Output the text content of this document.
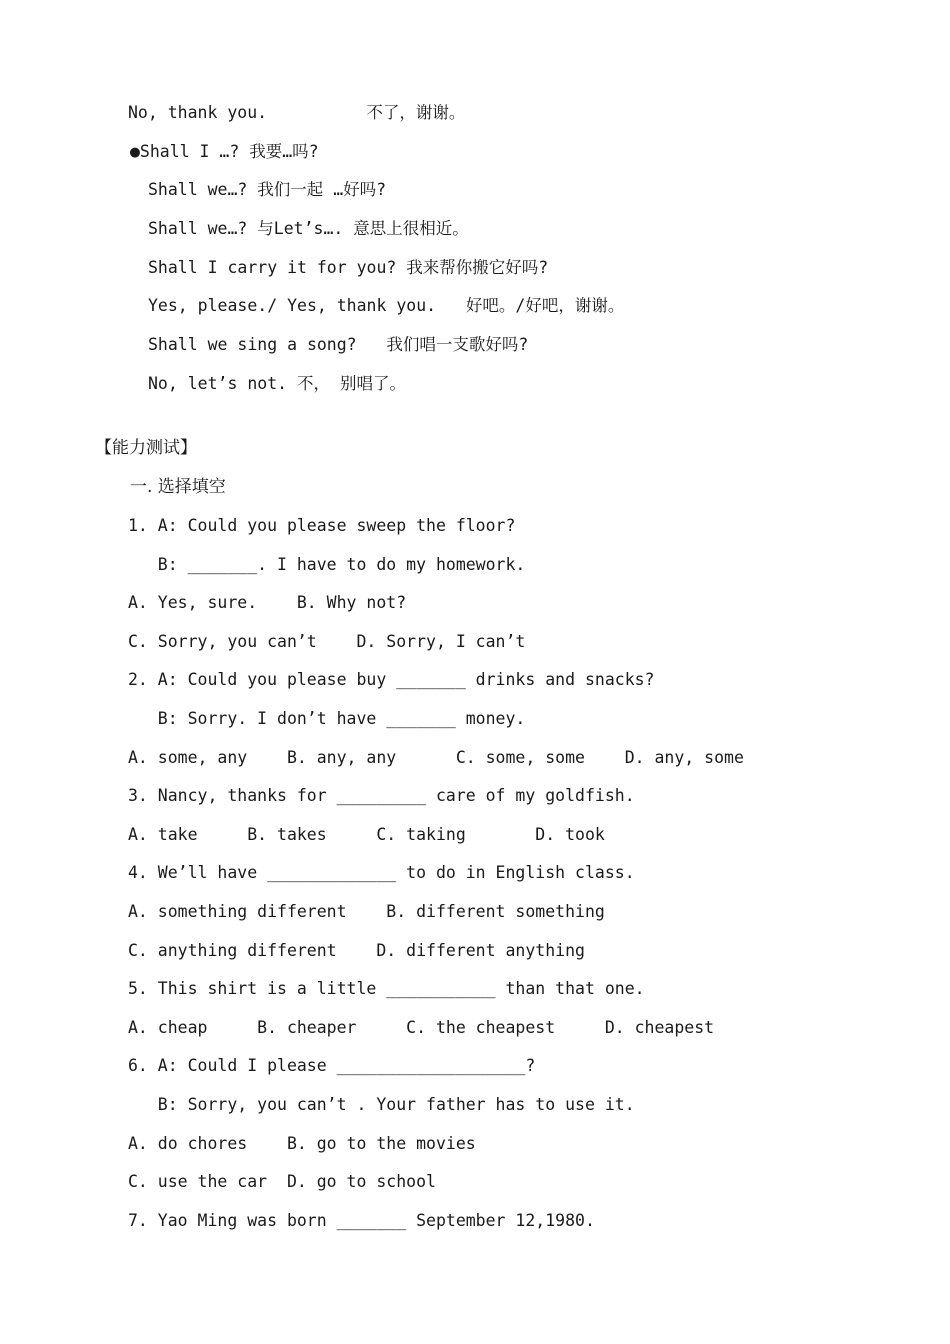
No, thank you.          不了，谢谢。
●Shall I …? 我要…吗?
Shall we…? 我们一起 …好吗?
Shall we…? 与Let’s…. 意思上很相近。
Shall I carry it for you? 我来帮你搬它好吗?
Yes, please./ Yes, thank you.   好吧。/好吧，谢谢。
Shall we sing a song?   我们唱一支歌好吗?
No, let’s not. 不， 别唱了。
【能力测试】
一. 选择填空
1. A: Could you please sweep the floor?
B: _______. I have to do my homework.
A. Yes, sure.    B. Why not?
C. Sorry, you can’t    D. Sorry, I can’t
2. A: Could you please buy _______ drinks and snacks?
B: Sorry. I don’t have _______ money.
A. some, any    B. any, any      C. some, some    D. any, some
3. Nancy, thanks for _________ care of my goldfish.
A. take     B. takes     C. taking       D. took
4. We’ll have _____________ to do in English class.
A. something different    B. different something
C. anything different    D. different anything
5. This shirt is a little ___________ than that one.
A. cheap     B. cheaper     C. the cheapest     D. cheapest
6. A: Could I please ___________________?
B: Sorry, you can’t . Your father has to use it.
A. do chores    B. go to the movies
C. use the car  D. go to school
7. Yao Ming was born _______ September 12,1980.
